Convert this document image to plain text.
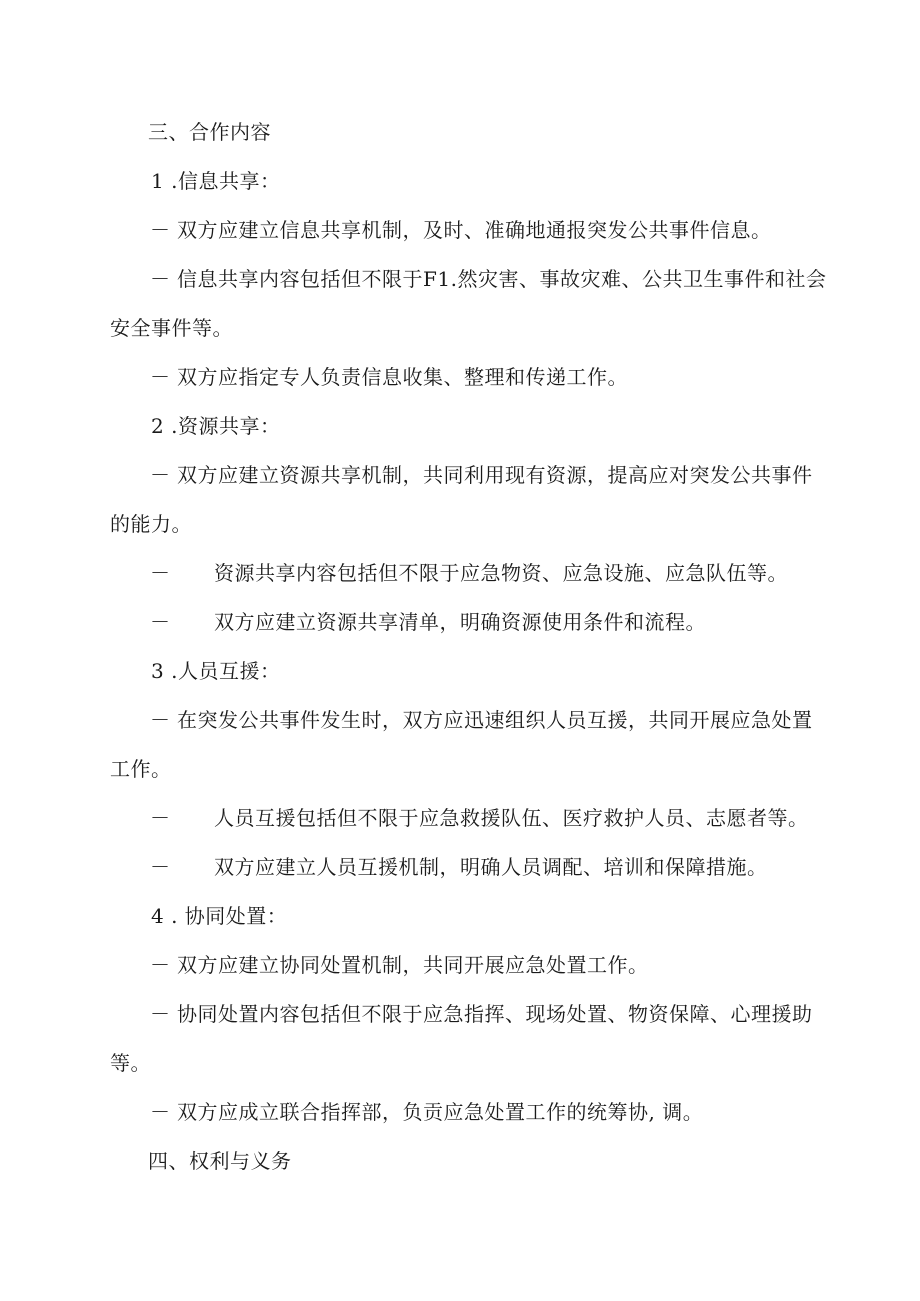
三、合作内容
1 .信息共享：
－ 双方应建立信息共享机制，及时、准确地通报突发公共事件信息。
－ 信息共享内容包括但不限于F1.然灾害、事故灾难、公共卫生事件和社会
安全事件等。
－ 双方应指定专人负责信息收集、整理和传递工作。
2 .资源共享：
－ 双方应建立资源共享机制，共同利用现有资源，提高应对突发公共事件
的能力。
－ 资源共享内容包括但不限于应急物资、应急设施、应急队伍等。
－ 双方应建立资源共享清单，明确资源使用条件和流程。
3 .人员互援：
－ 在突发公共事件发生时，双方应迅速组织人员互援，共同开展应急处置
工作。
－ 人员互援包括但不限于应急救援队伍、医疗救护人员、志愿者等。
－ 双方应建立人员互援机制，明确人员调配、培训和保障措施。
4 . 协同处置：
－ 双方应建立协同处置机制，共同开展应急处置工作。
－ 协同处置内容包括但不限于应急指挥、现场处置、物资保障、心理援助
等。
－ 双方应成立联合指挥部，负贡应急处置工作的统筹协, 调。
四、权利与义务
